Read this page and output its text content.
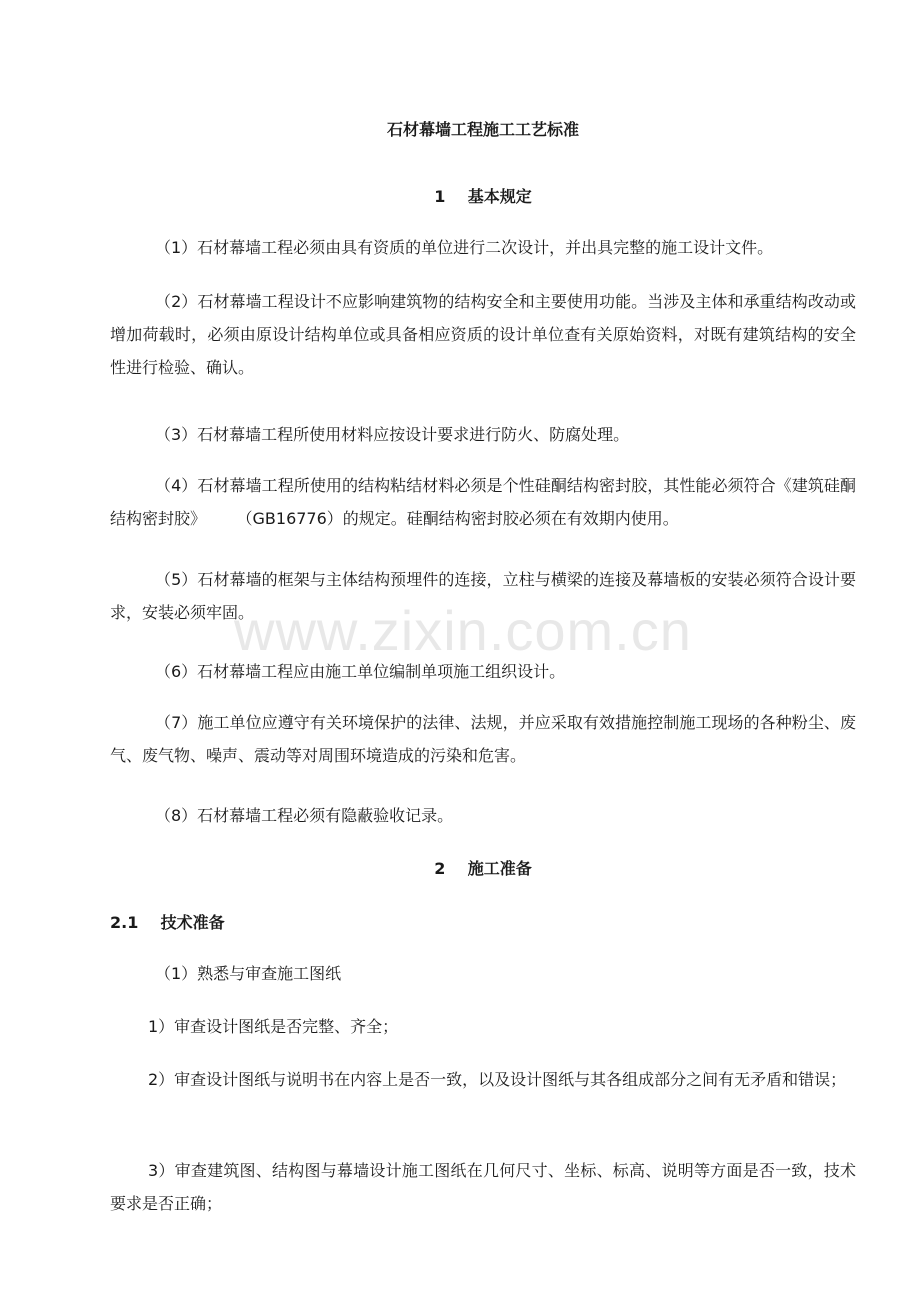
石材幕墙工程施工工艺标准

1    基本规定

（1）石材幕墙工程必须由具有资质的单位进行二次设计，并出具完整的施工设计文件。

（2）石材幕墙工程设计不应影响建筑物的结构安全和主要使用功能。当涉及主体和承重结构改动或增加荷载时，必须由原设计结构单位或具备相应资质的设计单位查有关原始资料，对既有建筑结构的安全性进行检验、确认。

（3）石材幕墙工程所使用材料应按设计要求进行防火、防腐处理。

（4）石材幕墙工程所使用的结构粘结材料必须是个性硅酮结构密封胶，其性能必须符合《建筑硅酮结构密封胶》      （GB16776）的规定。硅酮结构密封胶必须在有效期内使用。

（5）石材幕墙的框架与主体结构预埋件的连接，立柱与横梁的连接及幕墙板的安装必须符合设计要求，安装必须牢固。

（6）石材幕墙工程应由施工单位编制单项施工组织设计。

（7）施工单位应遵守有关环境保护的法律、法规，并应采取有效措施控制施工现场的各种粉尘、废气、废气物、噪声、震动等对周围环境造成的污染和危害。

（8）石材幕墙工程必须有隐蔽验收记录。

2    施工准备

2.1    技术准备

（1）熟悉与审查施工图纸

1）审查设计图纸是否完整、齐全；

2）审查设计图纸与说明书在内容上是否一致，以及设计图纸与其各组成部分之间有无矛盾和错误；

3）审查建筑图、结构图与幕墙设计施工图纸在几何尺寸、坐标、标高、说明等方面是否一致，技术要求是否正确；

www.zixin.com.cn
